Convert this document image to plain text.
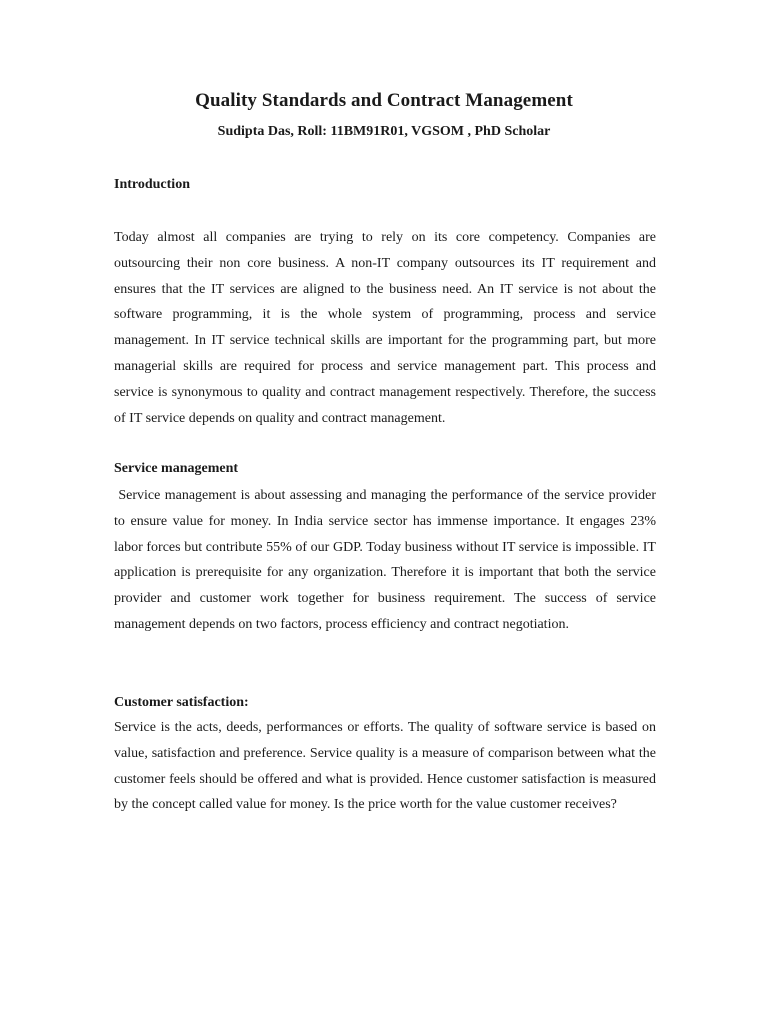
Quality Standards and Contract Management
Sudipta Das, Roll: 11BM91R01, VGSOM , PhD Scholar
Introduction

Today almost all companies are trying to rely on its core competency. Companies are outsourcing their non core business. A non-IT company outsources its IT requirement and ensures that the IT services are aligned to the business need. An IT service is not about the software programming, it is the whole system of programming, process and service management. In IT service technical skills are important for the programming part, but more managerial skills are required for process and service management part. This process and service is synonymous to quality and contract management respectively. Therefore, the success of IT service depends on quality and contract management.

Service management

Service management is about assessing and managing the performance of the service provider to ensure value for money. In India service sector has immense importance. It engages 23% labor forces but contribute 55% of our GDP. Today business without IT service is impossible. IT application is prerequisite for any organization. Therefore it is important that both the service provider and customer work together for business requirement. The success of service management depends on two factors, process efficiency and contract negotiation.

Customer satisfaction:

Service is the acts, deeds, performances or efforts. The quality of software service is based on value, satisfaction and preference. Service quality is a measure of comparison between what the customer feels should be offered and what is provided. Hence customer satisfaction is measured by the concept called value for money. Is the price worth for the value customer receives?
